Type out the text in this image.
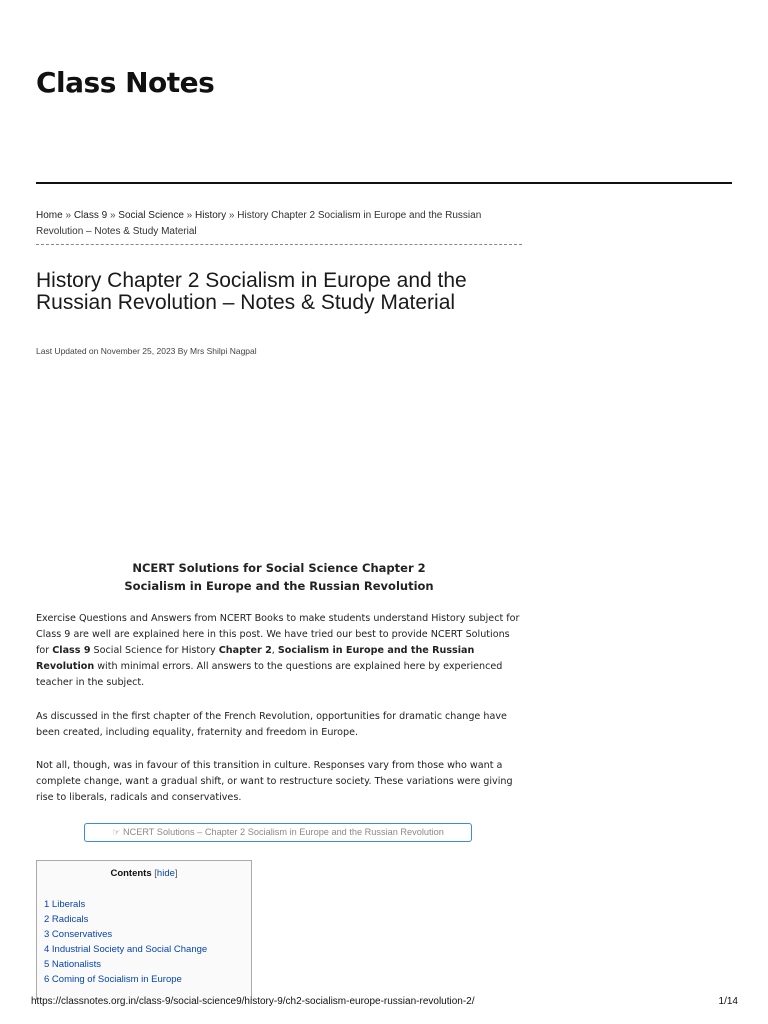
Class Notes
Home » Class 9 » Social Science » History » History Chapter 2 Socialism in Europe and the Russian Revolution – Notes & Study Material
History Chapter 2 Socialism in Europe and the Russian Revolution – Notes & Study Material
Last Updated on November 25, 2023 By Mrs Shilpi Nagpal
NCERT Solutions for Social Science Chapter 2
Socialism in Europe and the Russian Revolution

Exercise Questions and Answers from NCERT Books to make students understand History subject for Class 9 are well are explained here in this post. We have tried our best to provide NCERT Solutions for Class 9 Social Science for History Chapter 2, Socialism in Europe and the Russian Revolution with minimal errors. All answers to the questions are explained here by experienced teacher in the subject.

As discussed in the first chapter of the French Revolution, opportunities for dramatic change have been created, including equality, fraternity and freedom in Europe.

Not all, though, was in favour of this transition in culture. Responses vary from those who want a complete change, want a gradual shift, or want to restructure society. These variations were giving rise to liberals, radicals and conservatives.

☞ NCERT Solutions – Chapter 2 Socialism in Europe and the Russian Revolution
Contents [hide]
1 Liberals
2 Radicals
3 Conservatives
4 Industrial Society and Social Change
5 Nationalists
6 Coming of Socialism in Europe
https://classnotes.org.in/class-9/social-science9/history-9/ch2-socialism-europe-russian-revolution-2/	1/14
